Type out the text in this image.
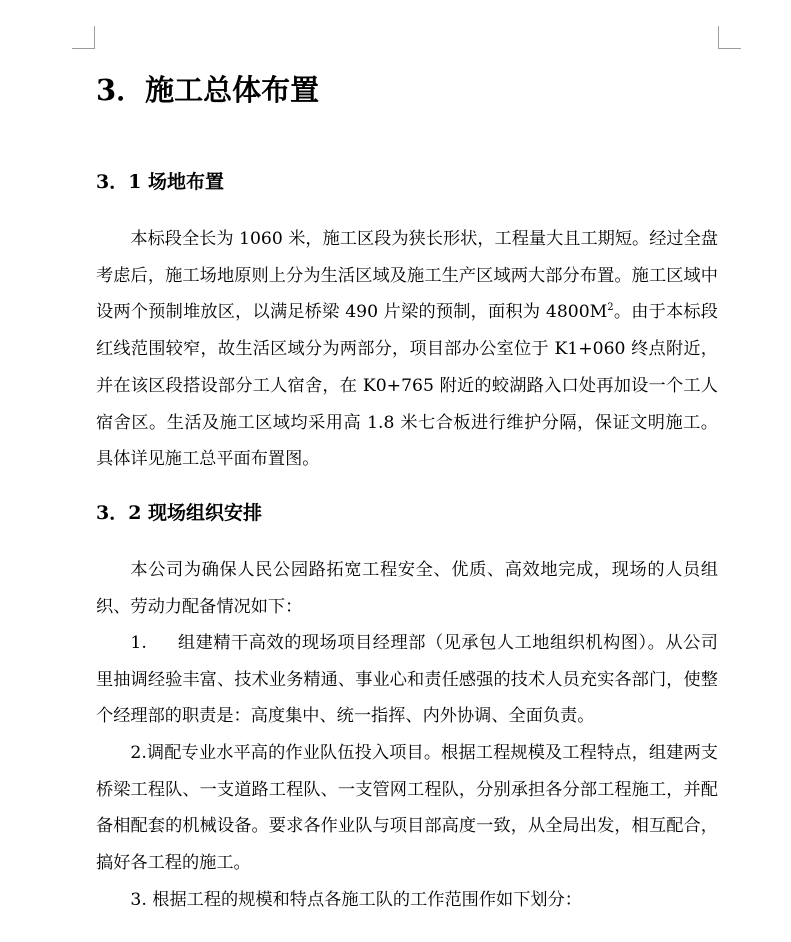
3．施工总体布置
3．1 场地布置

本标段全长为 1060 米，施工区段为狭长形状，工程量大且工期短。经过全盘考虑后，施工场地原则上分为生活区域及施工生产区域两大部分布置。施工区域中设两个预制堆放区，以满足桥梁 490 片梁的预制，面积为 $4800M^2$。由于本标段红线范围较窄，故生活区域分为两部分，项目部办公室位于 K1+060 终点附近，并在该区段搭设部分工人宿舍，在 K0+765 附近的蛟湖路入口处再加设一个工人宿舍区。生活及施工区域均采用高 1.8 米七合板进行维护分隔，保证文明施工。具体详见施工总平面布置图。

3．2 现场组织安排

本公司为确保人民公园路拓宽工程安全、优质、高效地完成，现场的人员组织、劳动力配备情况如下：

1. 组建精干高效的现场项目经理部（见承包人工地组织机构图）。从公司里抽调经验丰富、技术业务精通、事业心和责任感强的技术人员充实各部门，使整个经理部的职责是：高度集中、统一指挥、内外协调、全面负责。

2.调配专业水平高的作业队伍投入项目。根据工程规模及工程特点，组建两支桥梁工程队、一支道路工程队、一支管网工程队，分别承担各分部工程施工，并配备相配套的机械设备。要求各作业队与项目部高度一致，从全局出发，相互配合，搞好各工程的施工。

3. 根据工程的规模和特点各施工队的工作范围作如下划分：
